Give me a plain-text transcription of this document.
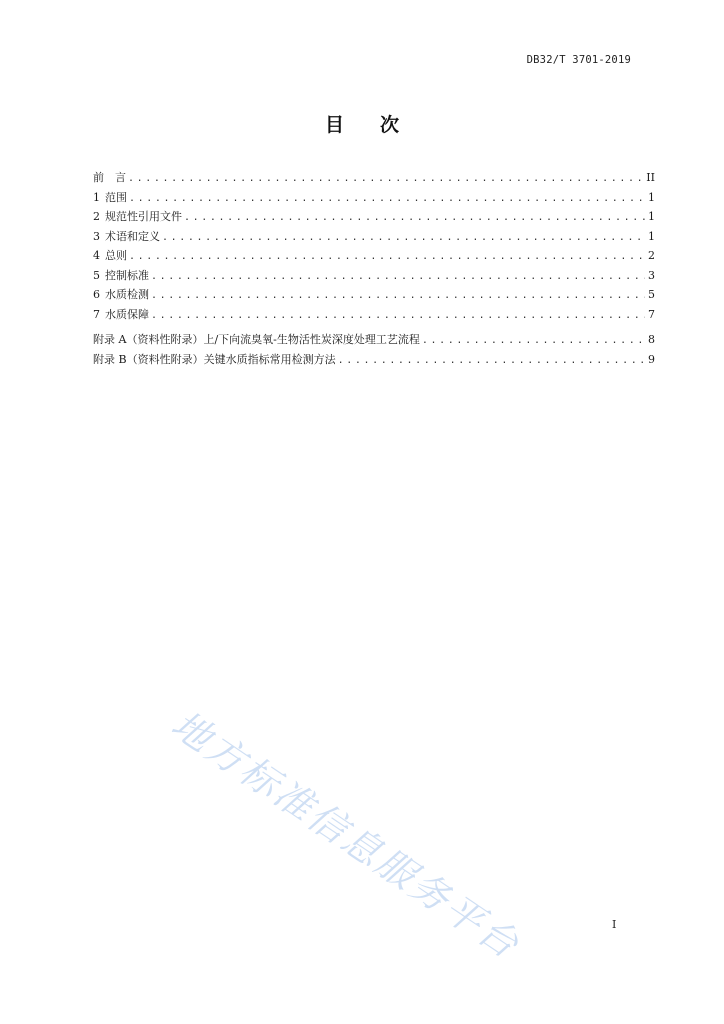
DB32/T 3701-2019
目次
前　言 .....	II
1 范围 .....	1
2 规范性引用文件 .....	1
3 术语和定义 .....	1
4 总则 .....	2
5 控制标准 .....	3
6 水质检测 .....	5
7 水质保障 .....	7
附录 A（资料性附录）上/下向流臭氧-生物活性炭深度处理工艺流程 .....	8
附录 B（资料性附录）关键水质指标常用检测方法 .....	9
地方标准信息服务平台	I
